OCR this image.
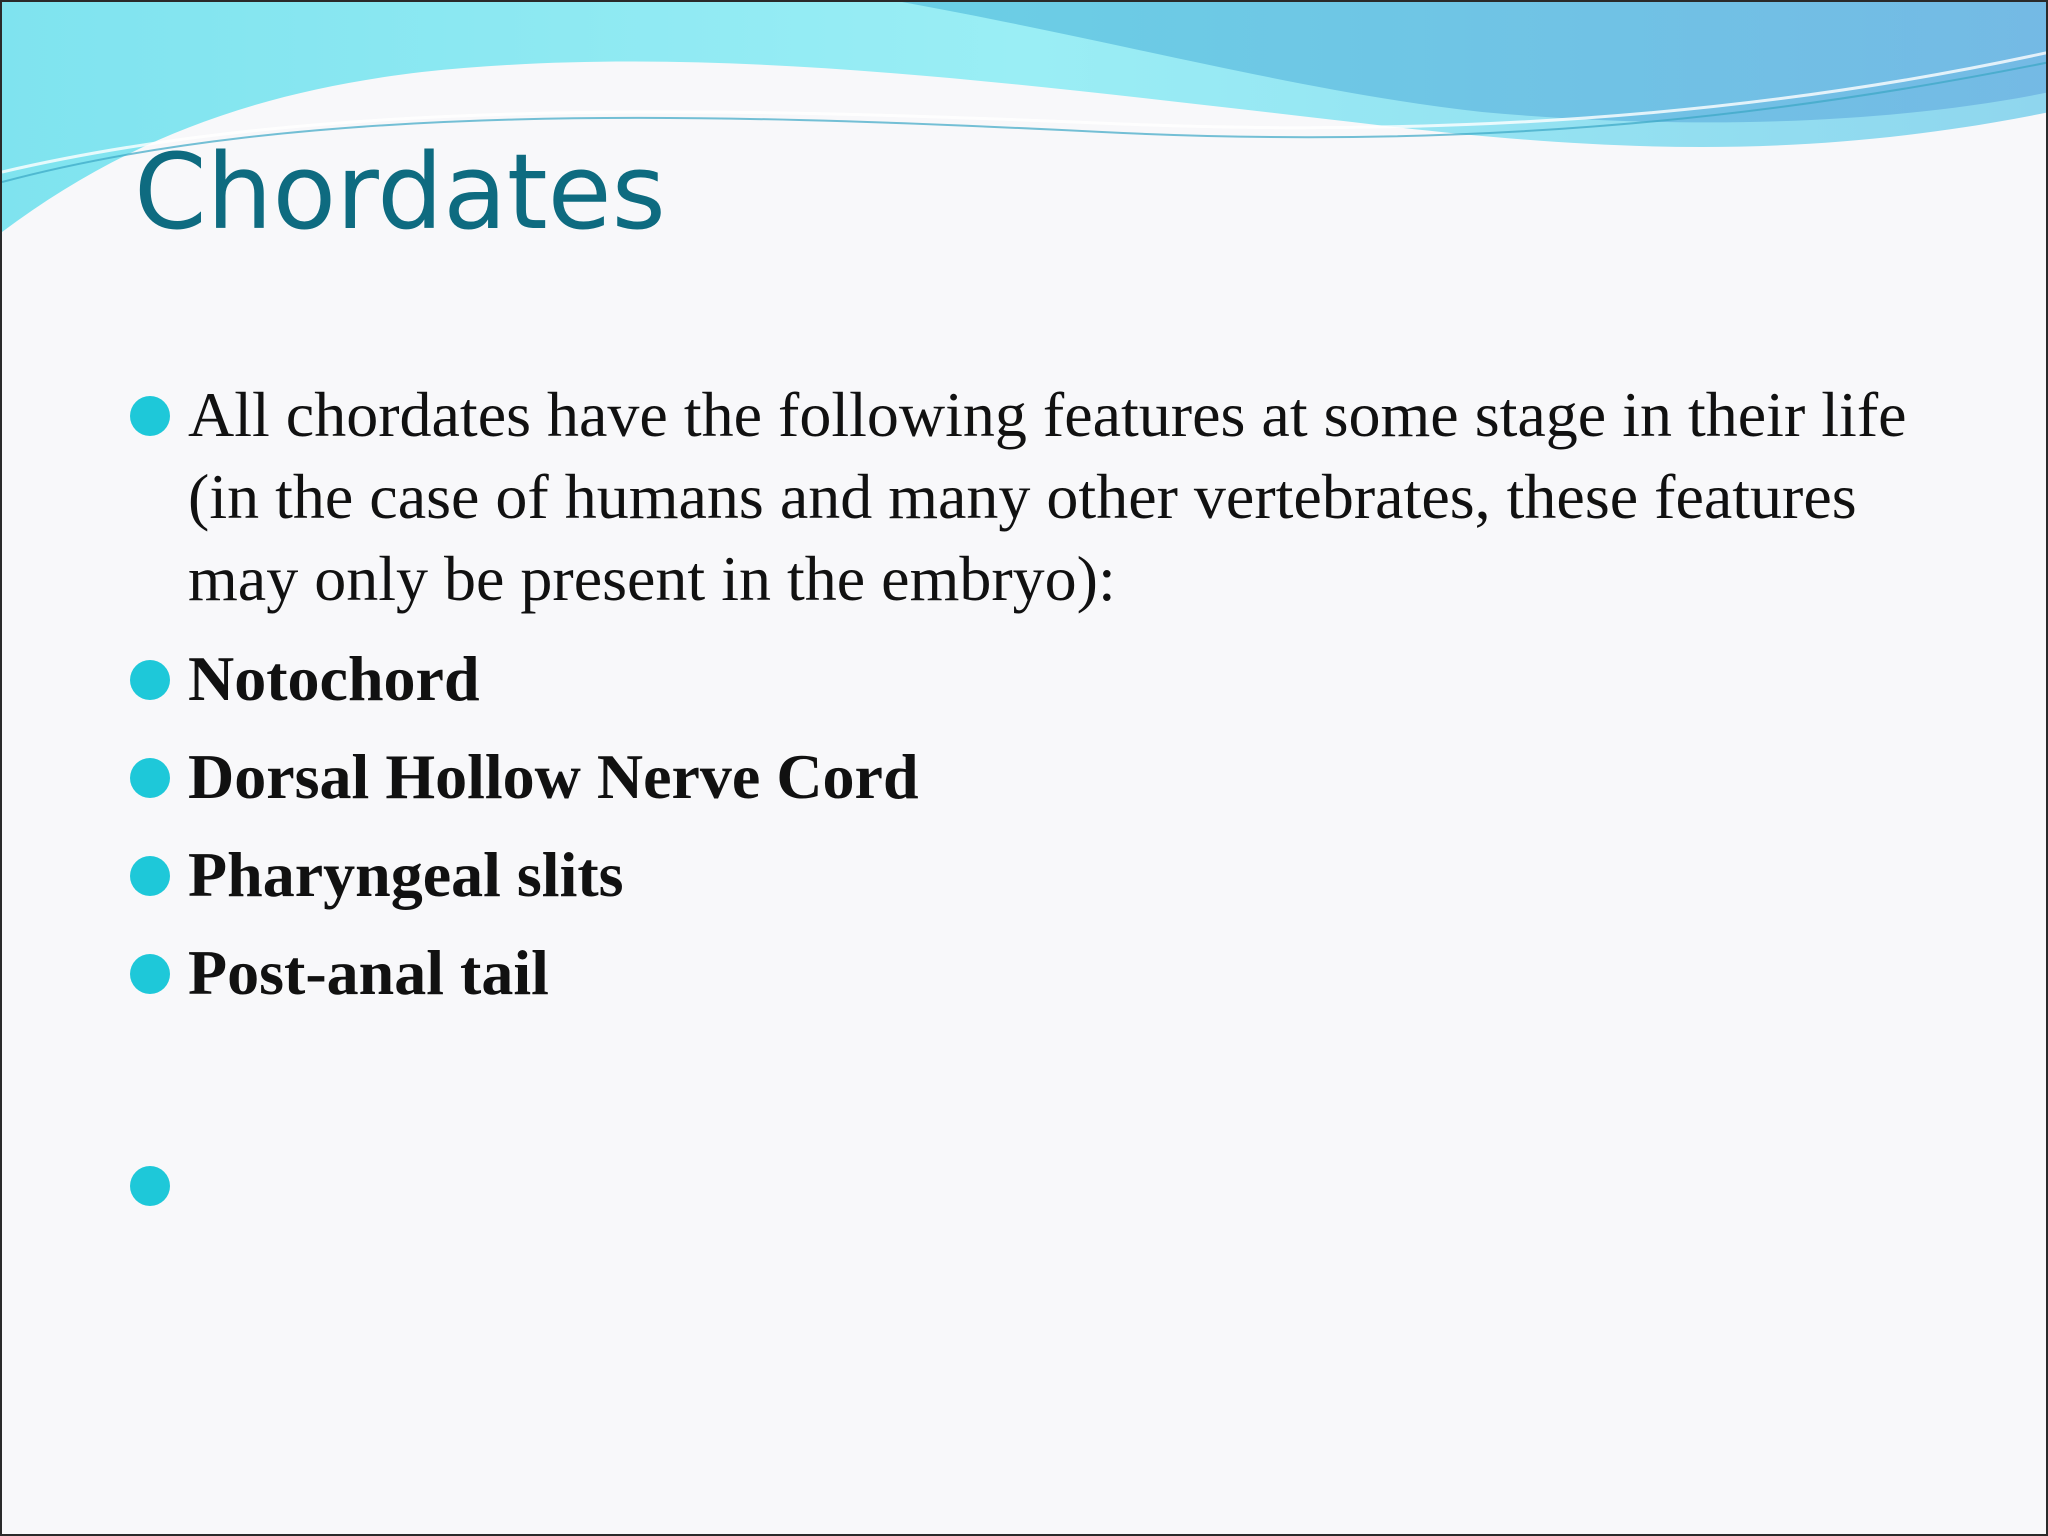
Chordates
All chordates have the following features at some stage in their life (in the case of humans and many other vertebrates, these features may only be present in the embryo):
Notochord
Dorsal Hollow Nerve Cord
Pharyngeal slits
Post-anal tail
